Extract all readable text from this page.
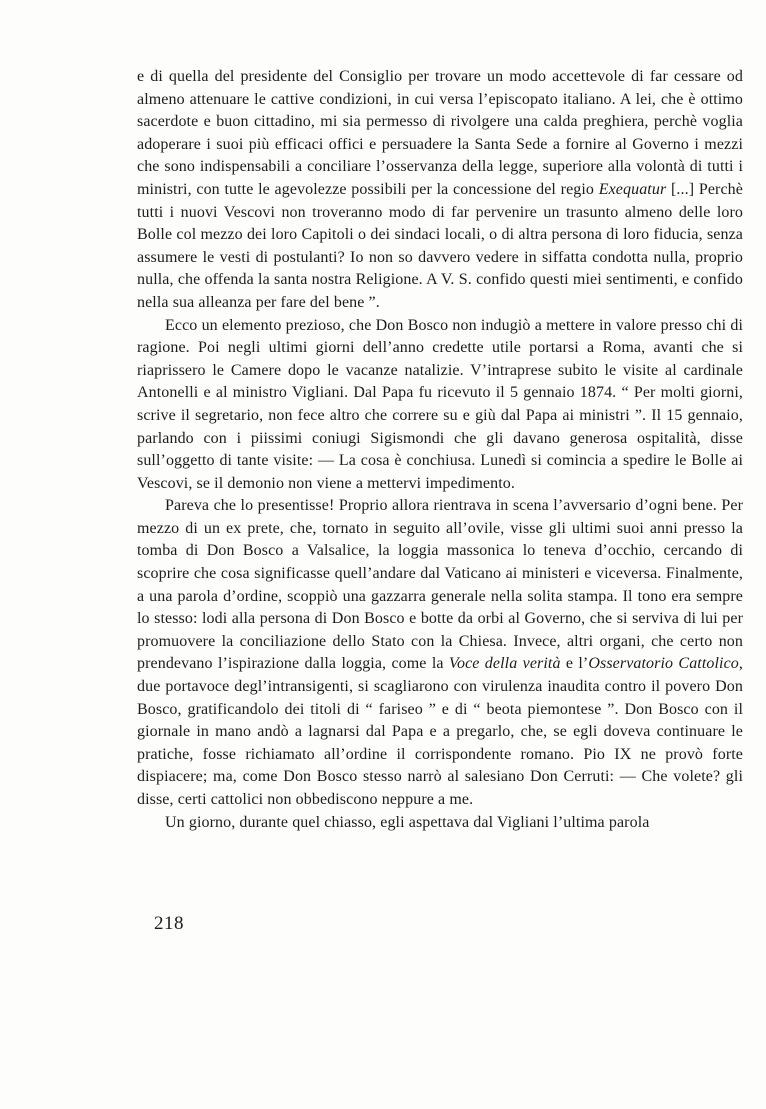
e di quella del presidente del Consiglio per trovare un modo accettevole di far cessare od almeno attenuare le cattive condizioni, in cui versa l’episcopato italiano. A lei, che è ottimo sacerdote e buon cittadino, mi sia permesso di rivolgere una calda preghiera, perchè voglia adoperare i suoi più efficaci offici e persuadere la Santa Sede a fornire al Governo i mezzi che sono indispensabili a conciliare l’osservanza della legge, superiore alla volontà di tutti i ministri, con tutte le agevolezze possibili per la concessione del regio Exequatur [...] Perchè tutti i nuovi Vescovi non troveranno modo di far pervenire un trasunto almeno delle loro Bolle col mezzo dei loro Capitoli o dei sindaci locali, o di altra persona di loro fiducia, senza assumere le vesti di postulanti? Io non so davvero vedere in siffatta condotta nulla, proprio nulla, che offenda la santa nostra Religione. A V. S. confido questi miei sentimenti, e confido nella sua alleanza per fare del bene ”.

Ecco un elemento prezioso, che Don Bosco non indugiò a mettere in valore presso chi di ragione. Poi negli ultimi giorni dell’anno credette utile portarsi a Roma, avanti che si riaprissero le Camere dopo le vacanze natalizie. V’intraprese subito le visite al cardinale Antonelli e al ministro Vigliani. Dal Papa fu ricevuto il 5 gennaio 1874. “ Per molti giorni, scrive il segretario, non fece altro che correre su e giù dal Papa ai ministri ”. Il 15 gennaio, parlando con i piissimi coniugi Sigismondi che gli davano generosa ospitalità, disse sull’oggetto di tante visite: — La cosa è conchiusa. Lunedì si comincia a spedire le Bolle ai Vescovi, se il demonio non viene a mettervi impedimento.

Pareva che lo presentisse! Proprio allora rientrava in scena l’avversario d’ogni bene. Per mezzo di un ex prete, che, tornato in seguito all’ovile, visse gli ultimi suoi anni presso la tomba di Don Bosco a Valsalice, la loggia massonica lo teneva d’occhio, cercando di scoprire che cosa significasse quell’andare dal Vaticano ai ministeri e viceversa. Finalmente, a una parola d’ordine, scoppiò una gazzarra generale nella solita stampa. Il tono era sempre lo stesso: lodi alla persona di Don Bosco e botte da orbi al Governo, che si serviva di lui per promuovere la conciliazione dello Stato con la Chiesa. Invece, altri organi, che certo non prendevano l’ispirazione dalla loggia, come la Voce della verità e l’Osservatorio Cattolico, due portavoce degl’intransigenti, si scagliarono con virulenza inaudita contro il povero Don Bosco, gratificandolo dei titoli di “ fariseo ” e di “ beota piemontese ”. Don Bosco con il giornale in mano andò a lagnarsi dal Papa e a pregarlo, che, se egli doveva continuare le pratiche, fosse richiamato all’ordine il corrispondente romano. Pio IX ne provò forte dispiacere; ma, come Don Bosco stesso narrò al salesiano Don Cerruti: — Che volete? gli disse, certi cattolici non obbediscono neppure a me.

Un giorno, durante quel chiasso, egli aspettava dal Vigliani l’ultima parola

218
